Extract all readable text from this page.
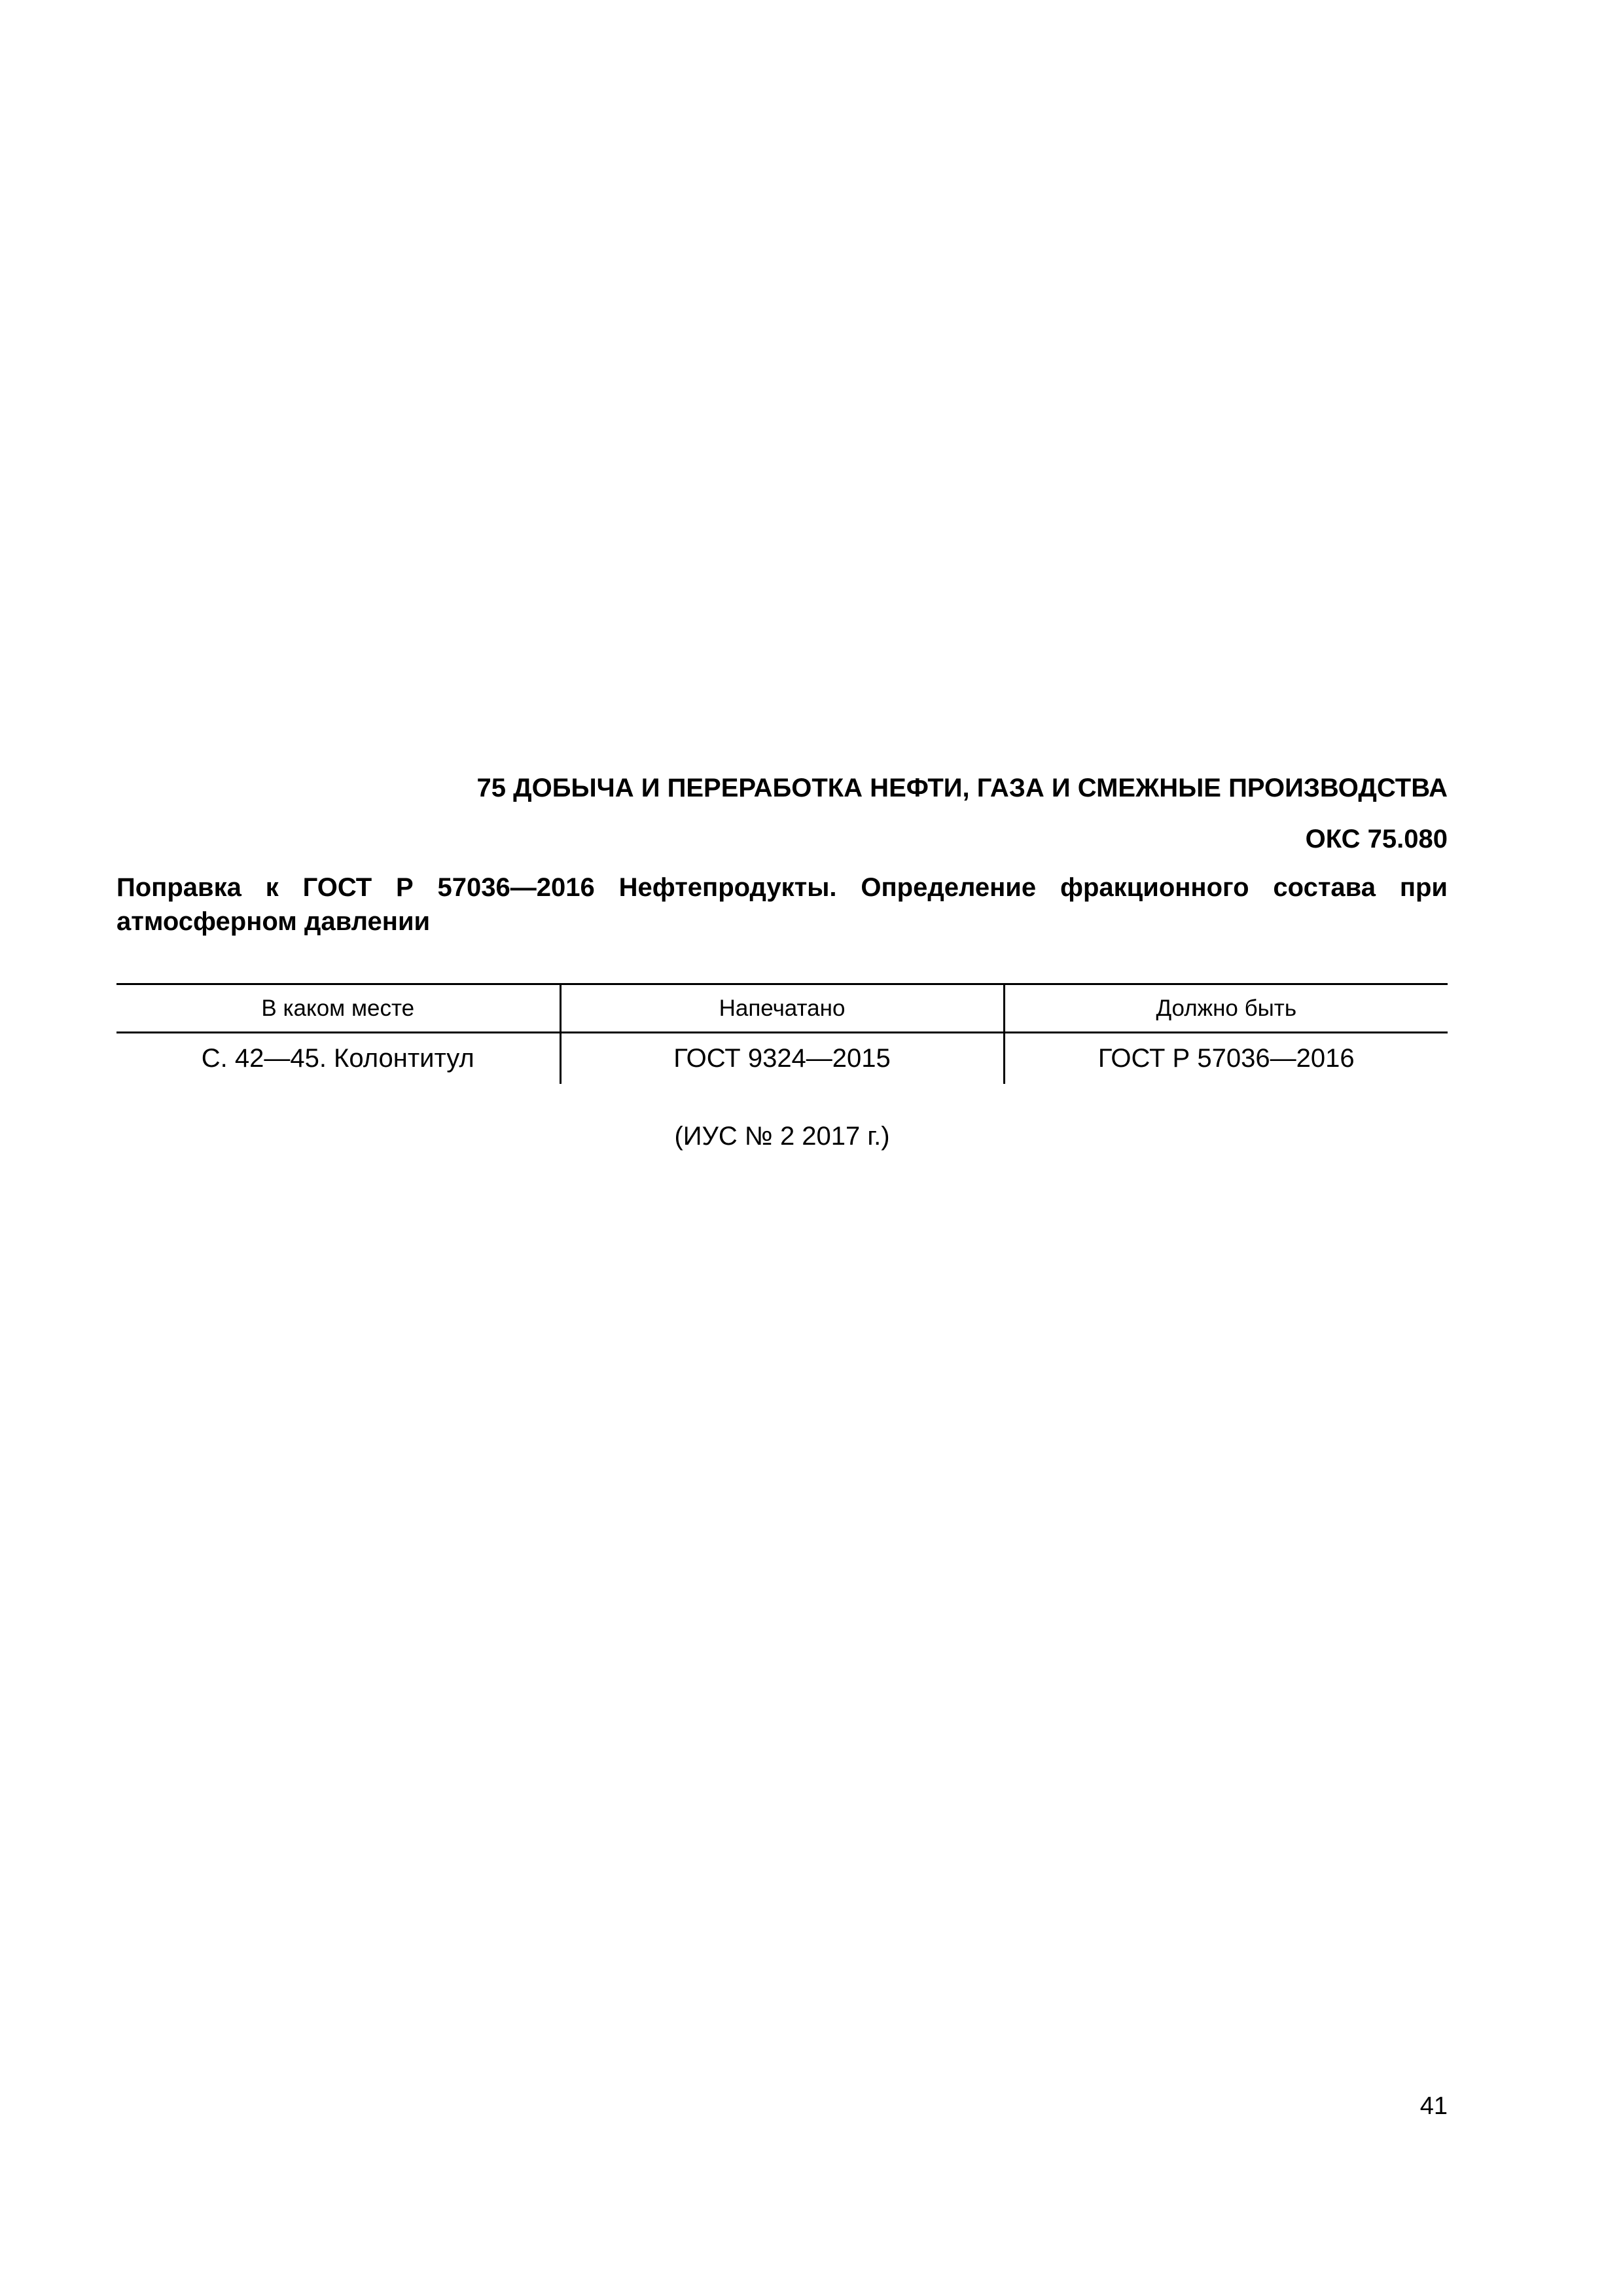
75 ДОБЫЧА И ПЕРЕРАБОТКА НЕФТИ, ГАЗА И СМЕЖНЫЕ ПРОИЗВОДСТВА
ОКС 75.080
Поправка к ГОСТ Р 57036—2016 Нефтепродукты. Определение фракционного состава при атмосферном давлении
В каком месте	Напечатано	Должно быть
С. 42—45. Колонтитул	ГОСТ 9324—2015	ГОСТ Р 57036—2016
(ИУС № 2 2017 г.)
41
